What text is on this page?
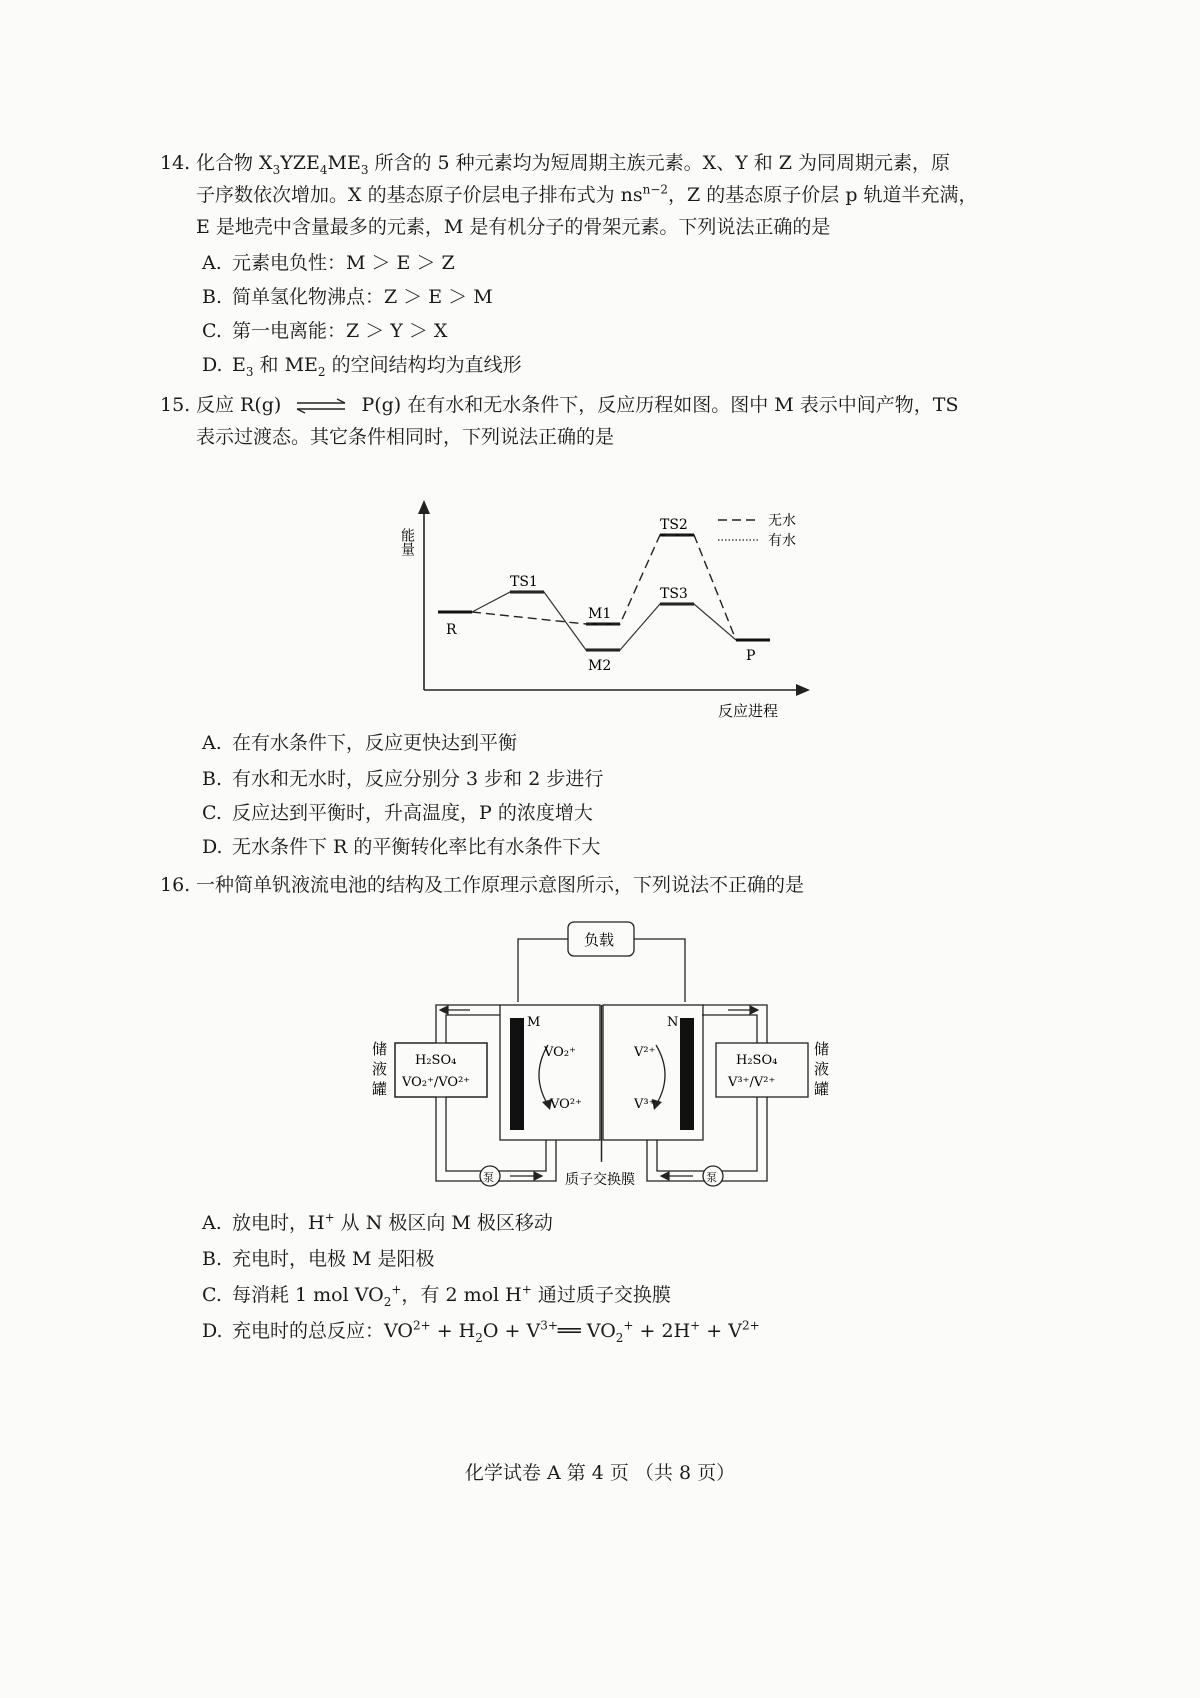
14. 化合物 $X_3YZE_4ME_3$ 所含的 5 种元素均为短周期主族元素。X、Y 和 Z 为同周期元素，原
子序数依次增加。X 的基态原子价层电子排布式为 $ns^{n-2}$，Z 的基态原子价层 p 轨道半充满，
E 是地壳中含量最多的元素，M 是有机分子的骨架元素。下列说法正确的是
A. 元素电负性：M ＞ E ＞ Z
B. 简单氢化物沸点：Z ＞ E ＞ M
C. 第一电离能：Z ＞ Y ＞ X
D. $E_3$ 和 $ME_2$ 的空间结构均为直线形
15. 反应 R(g) ⇌ P(g) 在有水和无水条件下，反应历程如图。图中 M 表示中间产物，TS
表示过渡态。其它条件相同时，下列说法正确的是
能量
反应进程
无水
有水
R
TS1
M1
M2
TS2
TS3
P
A. 在有水条件下，反应更快达到平衡
B. 有水和无水时，反应分别分 3 步和 2 步进行
C. 反应达到平衡时，升高温度，P 的浓度增大
D. 无水条件下 R 的平衡转化率比有水条件下大
16. 一种简单钒液流电池的结构及工作原理示意图所示，下列说法不正确的是
泵	泵
负载
M	N
VO₂⁺
VO²⁺
V²⁺
V³⁺
H₂SO₄
VO₂⁺/VO²⁺
H₂SO₄
V³⁺/V²⁺
储
液
罐
储
液
罐
质子交换膜
A. 放电时，H+ 从 N 极区向 M 极区移动
B. 充电时，电极 M 是阳极
C. 每消耗 1 mol $VO_2^+$，有 2 mol H+ 通过质子交换膜
D. 充电时的总反应：$VO^{2+} + H_2O$ + $V^{3+}══$ $VO_2^+ + 2H^+ + V^{2+}$
化学试卷 A 第 4 页 （共 8 页）
